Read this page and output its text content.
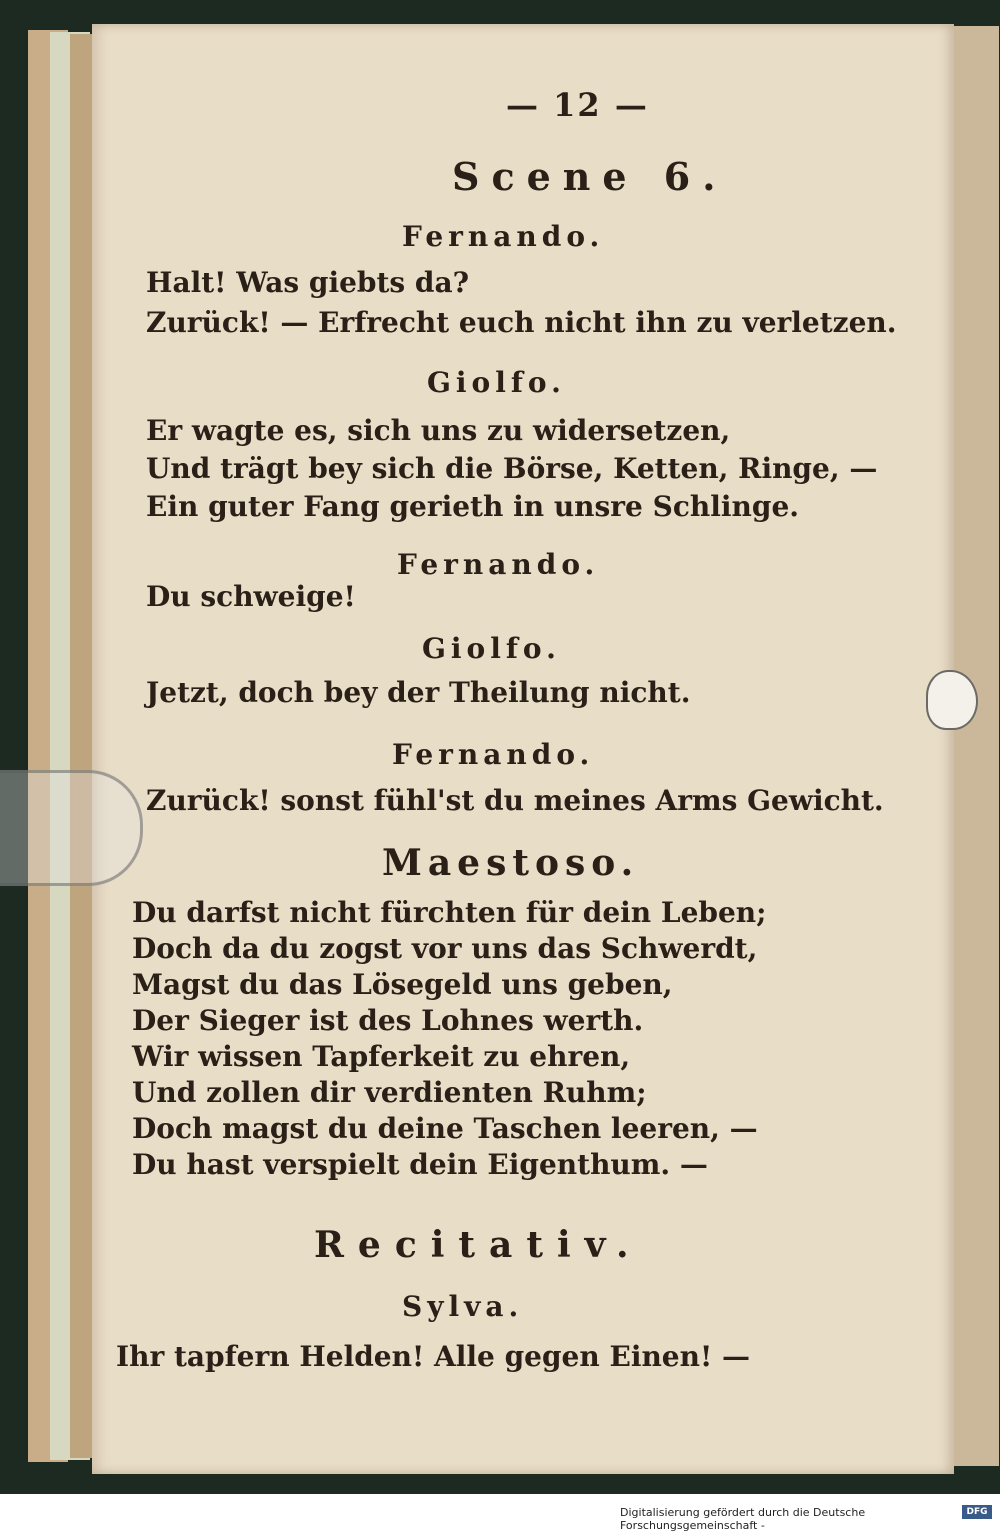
— 12 —
Scene 6.
Fernando.
Halt! Was giebts da?
Zurück! — Erfrecht euch nicht ihn zu verletzen.
Giolfo.
Er wagte es, sich uns zu widersetzen,
Und trägt bey sich die Börse, Ketten, Ringe, —
Ein guter Fang gerieth in unsre Schlinge.
Fernando.
Du schweige!
Giolfo.
Jetzt, doch bey der Theilung nicht.
Fernando.
Zurück! sonst fühl'st du meines Arms Gewicht.
Maestoso.
Du darfst nicht fürchten für dein Leben;
Doch da du zogst vor uns das Schwerdt,
Magst du das Lösegeld uns geben,
Der Sieger ist des Lohnes werth.
Wir wissen Tapferkeit zu ehren,
Und zollen dir verdienten Ruhm;
Doch magst du deine Taschen leeren, —
Du hast verspielt dein Eigenthum. —
Recitativ.
Sylva.
Ihr tapfern Helden! Alle gegen Einen! —
Digitalisierung gefördert durch die Deutsche Forschungsgemeinschaft -
DFG
